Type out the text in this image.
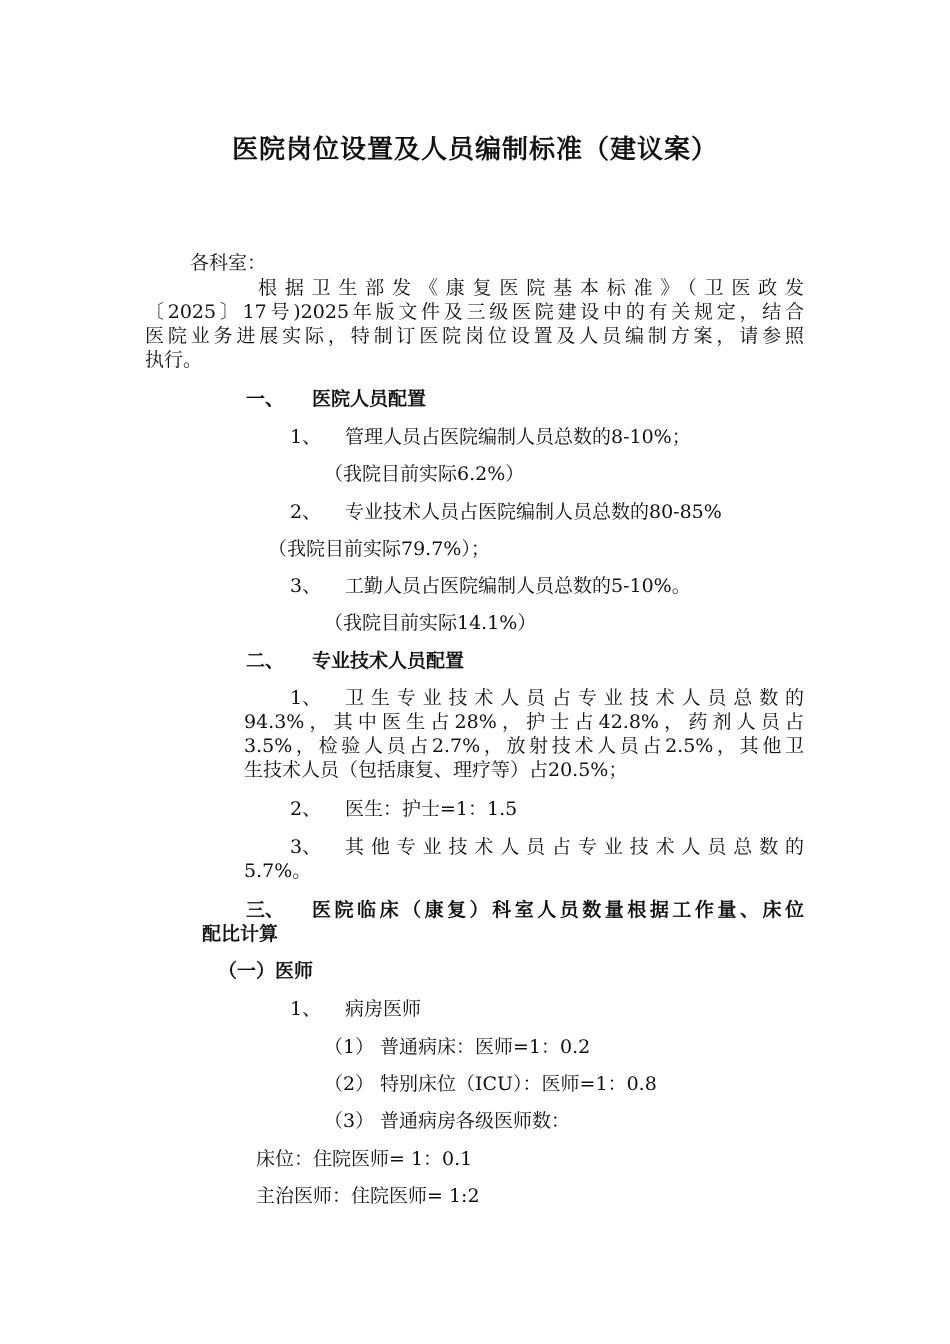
医院岗位设置及人员编制标准（建议案）
各科室：
根据卫生部发《康复医院基本标准》（卫医政发
〔2025〕17号)2025年版文件及三级医院建设中的有关规定，结合
医院业务进展实际，特制订医院岗位设置及人员编制方案，请参照
执行。
一、 医院人员配置
1、 管理人员占医院编制人员总数的8-10%；
（我院目前实际6.2%）
2、 专业技术人员占医院编制人员总数的80-85%
（我院目前实际79.7%）；
3、 工勤人员占医院编制人员总数的5-10%。
（我院目前实际14.1%）
二、 专业技术人员配置
1、 卫生专业技术人员占专业技术人员总数的
94.3%，其中医生占28%，护士占42.8%，药剂人员占
3.5%，检验人员占2.7%，放射技术人员占2.5%，其他卫
生技术人员（包括康复、理疗等）占20.5%；
2、 医生：护士=1：1.5
3、 其他专业技术人员占专业技术人员总数的
5.7%。
三、 医院临床（康复）科室人员数量根据工作量、床位
配比计算
（一）医师
1、 病房医师
（1） 普通病床：医师=1：0.2
（2） 特别床位（ICU）：医师=1：0.8
（3） 普通病房各级医师数：
床位：住院医师= 1：0.1
主治医师：住院医师= 1:2
